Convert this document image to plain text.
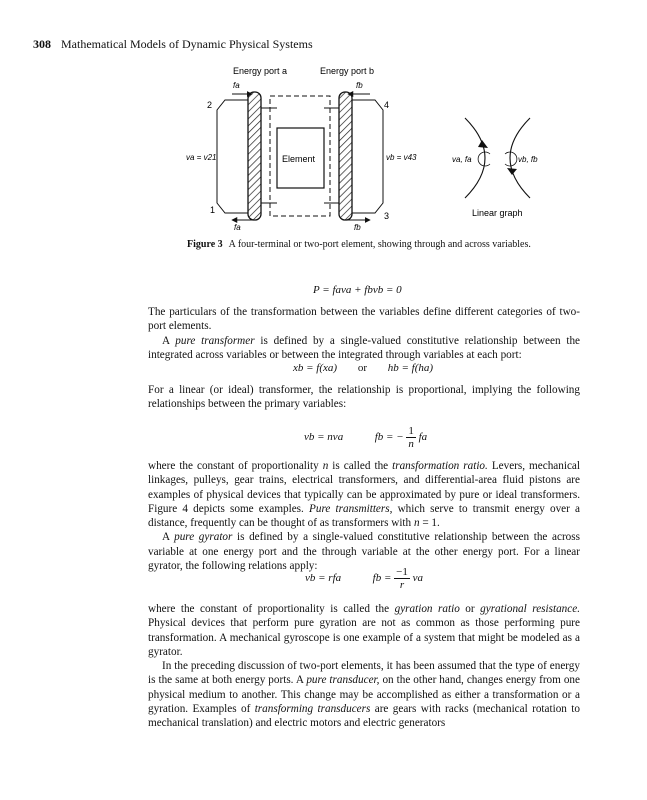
308 Mathematical Models of Dynamic Physical Systems
Energy port a	Energy port b
Element
fa	fb
fa	fb
2	4
1
3
va = v21	vb = v43	va, fa	vb, fb
Linear graph
Figure 3 A four-terminal or two-port element, showing through and across variables.
P = fava + fbvb = 0

The particulars of the transformation between the variables define different categories of two-port elements.

A pure transformer is defined by a single-valued constitutive relationship between the integrated across variables or between the integrated through variables at each port:

xb = f(xa) or hb = f(ha)

For a linear (or ideal) transformer, the relationship is proportional, implying the following relationships between the primary variables:

vb = nva	fb = − $\frac{1}{n}$ fa

where the constant of proportionality n is called the transformation ratio. Levers, mechanical linkages, pulleys, gear trains, electrical transformers, and differential-area fluid pistons are examples of physical devices that typically can be approximated by pure or ideal transformers. Figure 4 depicts some examples. Pure transmitters, which serve to transmit energy over a distance, frequently can be thought of as transformers with n = 1.

A pure gyrator is defined by a single-valued constitutive relationship between the across variable at one energy port and the through variable at the other energy port. For a linear gyrator, the following relations apply:

vb = rfa	fb = $\frac{-1}{r}$ va

where the constant of proportionality is called the gyration ratio or gyrational resistance. Physical devices that perform pure gyration are not as common as those performing pure transformation. A mechanical gyroscope is one example of a system that might be modeled as a gyrator.

In the preceding discussion of two-port elements, it has been assumed that the type of energy is the same at both energy ports. A pure transducer, on the other hand, changes energy from one physical medium to another. This change may be accomplished as either a transformation or a gyration. Examples of transforming transducers are gears with racks (mechanical rotation to mechanical translation) and electric motors and electric generators
